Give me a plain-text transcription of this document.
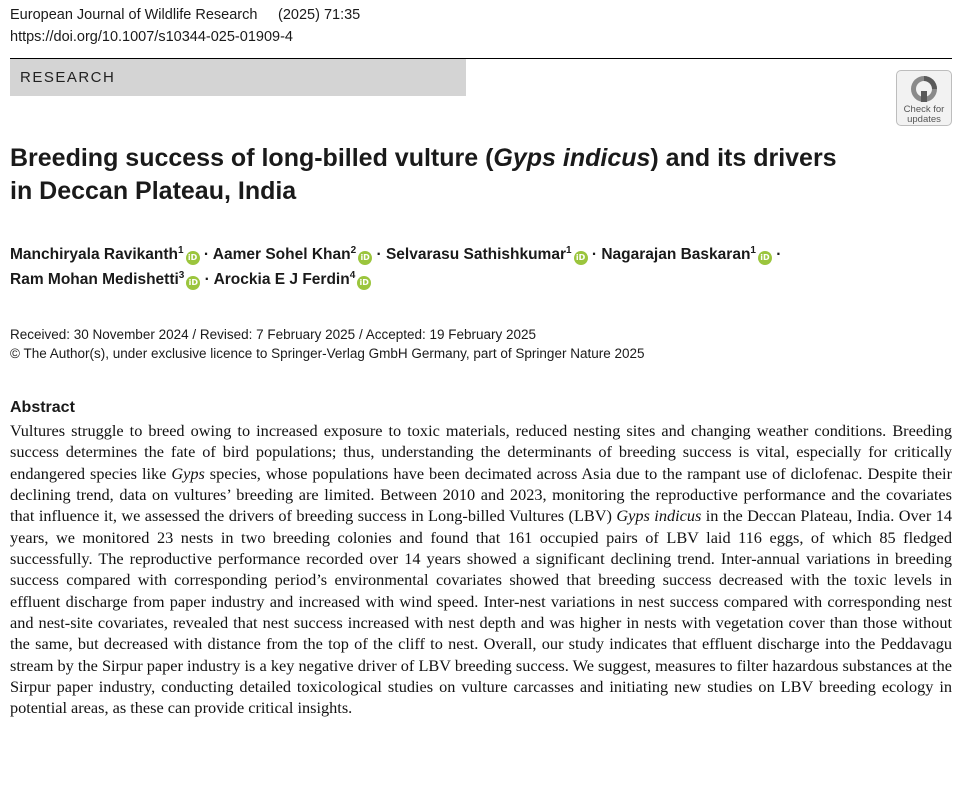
European Journal of Wildlife Research (2025) 71:35
https://doi.org/10.1007/s10344-025-01909-4
RESEARCH
Check for
updates
Breeding success of long-billed vulture (Gyps indicus) and its drivers
in Deccan Plateau, India
Manchiryala Ravikanth$^1$iD · Aamer Sohel Khan$^2$iD · Selvarasu Sathishkumar$^1$iD · Nagarajan Baskaran$^1$iD ·
Ram Mohan Medishetti$^3$iD · Arockia E J Ferdin$^4$iD
Received: 30 November 2024 / Revised: 7 February 2025 / Accepted: 19 February 2025
© The Author(s), under exclusive licence to Springer-Verlag GmbH Germany, part of Springer Nature 2025
Abstract

Vultures struggle to breed owing to increased exposure to toxic materials, reduced nesting sites and changing weather conditions. Breeding success determines the fate of bird populations; thus, understanding the determinants of breeding success is vital, especially for critically endangered species like Gyps species, whose populations have been decimated across Asia due to the rampant use of diclofenac. Despite their declining trend, data on vultures’ breeding are limited. Between 2010 and 2023, monitoring the reproductive performance and the covariates that influence it, we assessed the drivers of breeding success in Long-billed Vultures (LBV) Gyps indicus in the Deccan Plateau, India. Over 14 years, we monitored 23 nests in two breeding colonies and found that 161 occupied pairs of LBV laid 116 eggs, of which 85 fledged successfully. The reproductive performance recorded over 14 years showed a significant declining trend. Inter-annual variations in breeding success compared with corresponding period’s environmental covariates showed that breeding success decreased with the toxic levels in effluent discharge from paper industry and increased with wind speed. Inter-nest variations in nest success compared with corresponding nest and nest-site covariates, revealed that nest success increased with nest depth and was higher in nests with vegetation cover than those without the same, but decreased with distance from the top of the cliff to nest. Overall, our study indicates that effluent discharge into the Peddavagu stream by the Sirpur paper industry is a key negative driver of LBV breeding success. We suggest, measures to filter hazardous substances at the Sirpur paper industry, conducting detailed toxicological studies on vulture carcasses and initiating new studies on LBV breeding ecology in potential areas, as these can provide critical insights.
